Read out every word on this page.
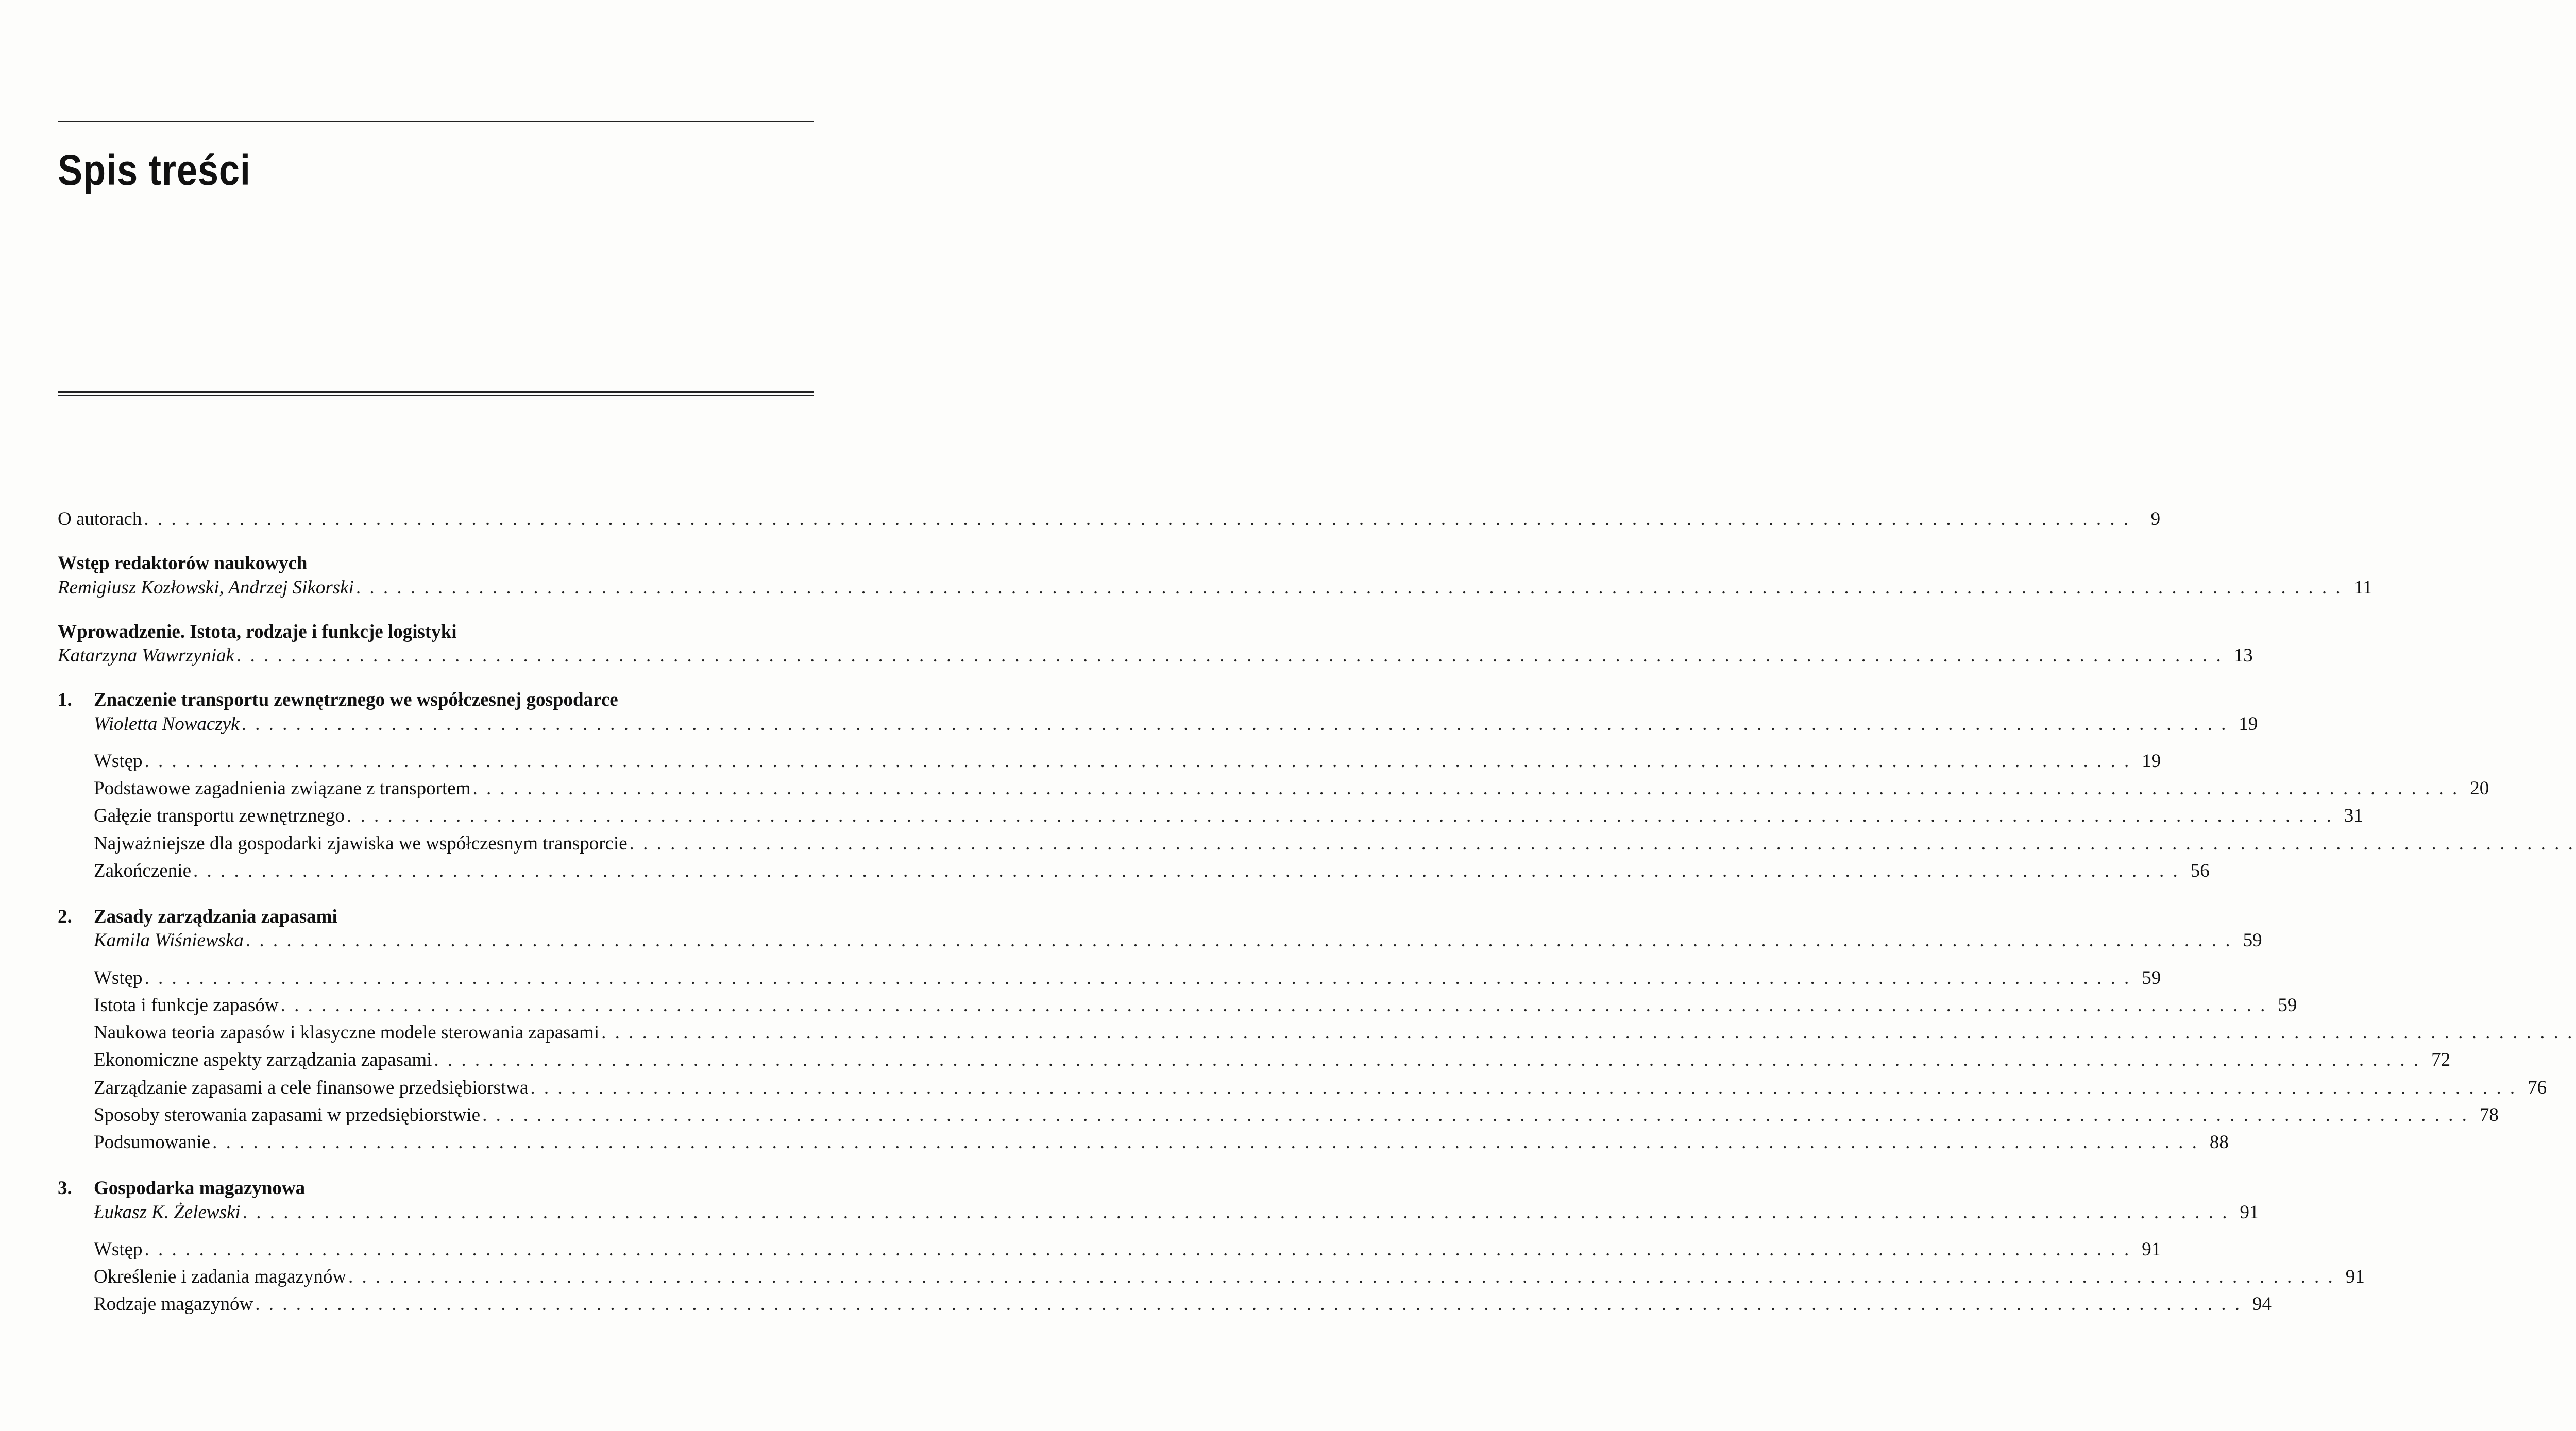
Spis treści
O autorach . . .	9
Wstęp redaktorów naukowych
Remigiusz Kozłowski, Andrzej Sikorski . . .	11
Wprowadzenie. Istota, rodzaje i funkcje logistyki
Katarzyna Wawrzyniak . . .	13
1.	Znaczenie transportu zewnętrznego we współczesnej gospodarce
Wioletta Nowaczyk . . .	19
Wstęp . . .	19
Podstawowe zagadnienia związane z transportem . . .	20
Gałęzie transportu zewnętrznego . . .	31
Najważniejsze dla gospodarki zjawiska we współczesnym transporcie
. . .
Zakończenie . . .	56
2.	Zasady zarządzania zapasami
Kamila Wiśniewska . . .	59
Wstęp . . .	59
Istota i funkcje zapasów . . .	59
Naukowa teoria zapasów i klasyczne modele sterowania zapasami
. . .
Ekonomiczne aspekty zarządzania zapasami . . .	72
Zarządzanie zapasami a cele finansowe przedsiębiorstwa . . .	76
Sposoby sterowania zapasami w przedsiębiorstwie . . .	78
Podsumowanie . . .	88
3.	Gospodarka magazynowa
Łukasz K. Żelewski . . .	91
Wstęp . . .	91
Określenie i zadania magazynów . . .	91
Rodzaje magazynów . . .	94
